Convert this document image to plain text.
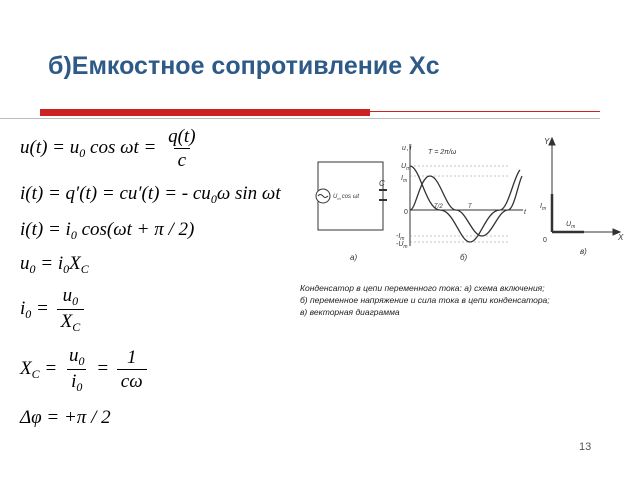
б)Емкостное сопротивление Xc
$u(t) = u_0$ $\cos \omega t = \frac{q(t)}{c}$
i(t) = q′(t) = cu′(t) = - $cu_0\omega$ sin ωt
$i(t) = i_0$ cos(ωt + π / 2)
$u_0 = i_0X_C$
$i_0 = \frac{u_0}{X_C}$
$X_C = \frac{u_0}{i_0} = \frac{1}{c\omega}$
Δφ = +π / 2
$U_m\cos$ ωt
C
а)
u,i
t
T = 2π/ω
$U_m$
$I_m$
0
T/2	T
$-I_m$
$-U_m$
б)
Y
X
$I_m$
$U_m$
0
в)
Конденсатор в цепи переменного тока: а) схема включения;
б) переменное напряжение и сила тока в цепи конденсатора;
в) векторная диаграмма
13
